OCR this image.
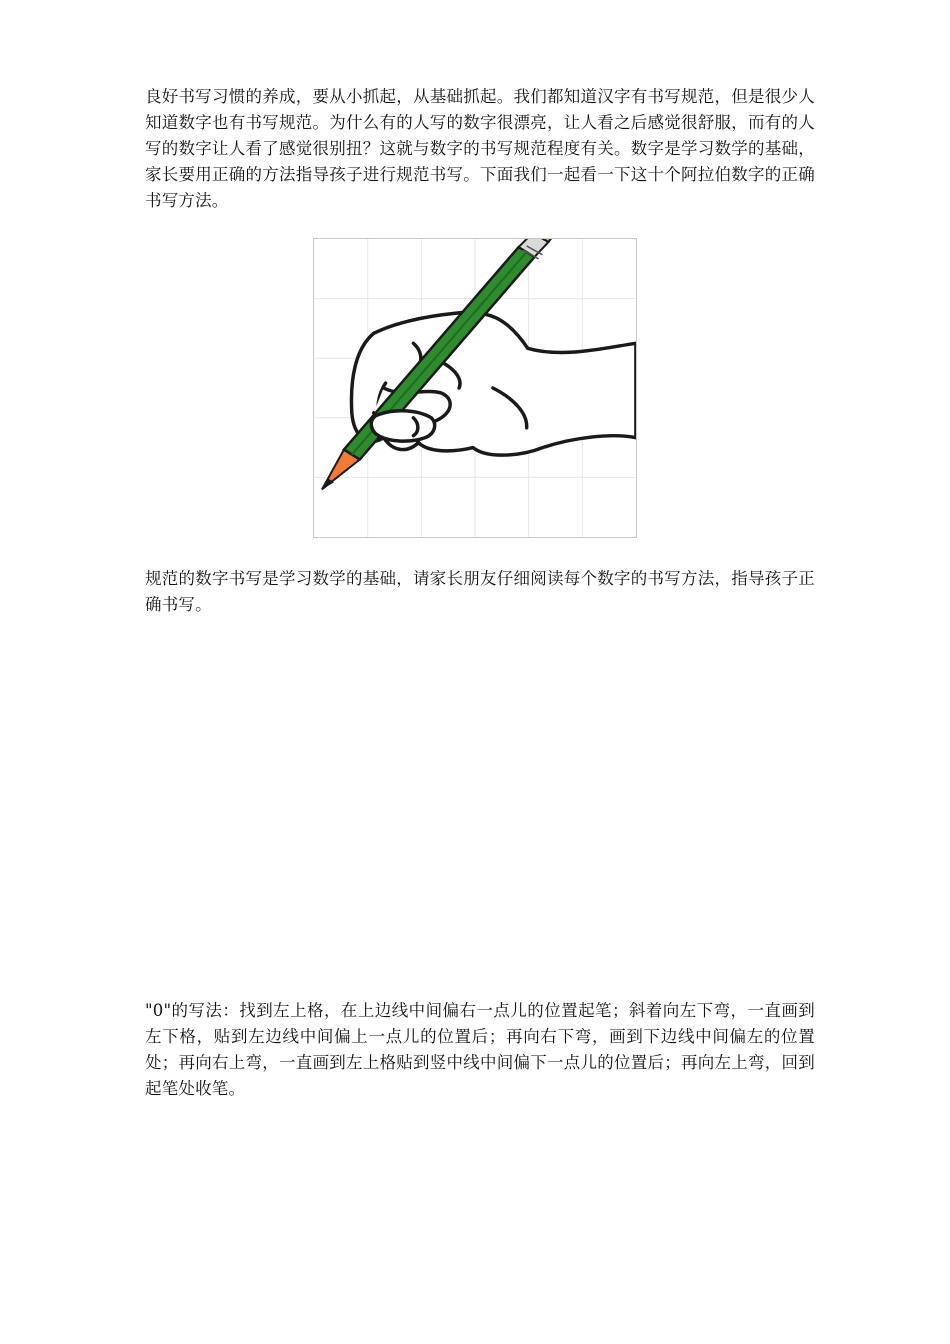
良好书写习惯的养成，要从小抓起，从基础抓起。我们都知道汉字有书写规范，但是很少人知道数字也有书写规范。为什么有的人写的数字很漂亮，让人看之后感觉很舒服，而有的人写的数字让人看了感觉很别扭？这就与数字的书写规范程度有关。数字是学习数学的基础，家长要用正确的方法指导孩子进行规范书写。下面我们一起看一下这十个阿拉伯数字的正确书写方法。

规范的数字书写是学习数学的基础，请家长朋友仔细阅读每个数字的书写方法，指导孩子正确书写。

"0"的写法：找到左上格，在上边线中间偏右一点儿的位置起笔；斜着向左下弯，一直画到左下格，贴到左边线中间偏上一点儿的位置后；再向右下弯，画到下边线中间偏左的位置处；再向右上弯，一直画到左上格贴到竖中线中间偏下一点儿的位置后；再向左上弯，回到起笔处收笔。
